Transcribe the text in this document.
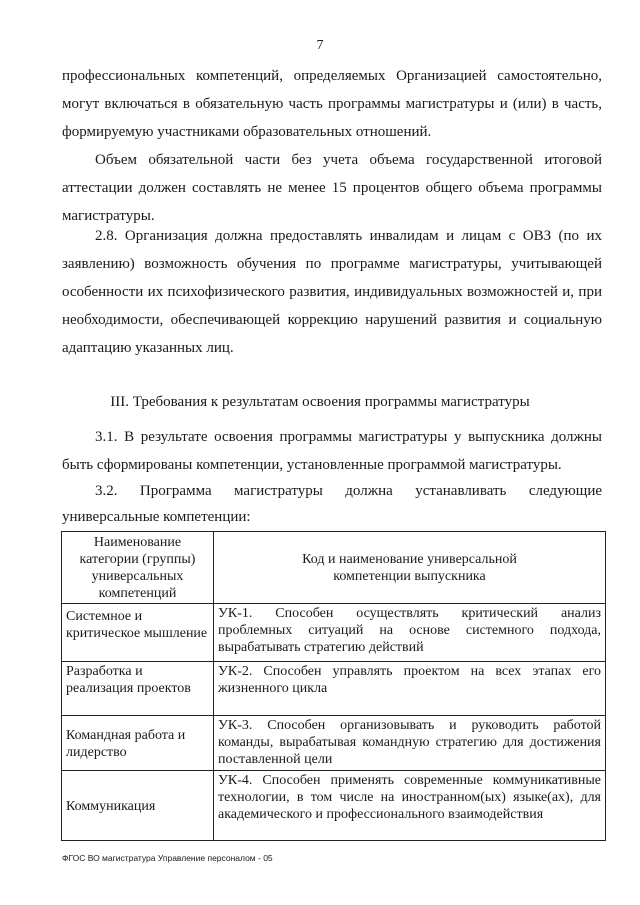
7

профессиональных компетенций, определяемых Организацией самостоятельно, могут включаться в обязательную часть программы магистратуры и (или) в часть, формируемую участниками образовательных отношений.

Объем обязательной части без учета объема государственной итоговой аттестации должен составлять не менее 15 процентов общего объема программы магистратуры.

2.8. Организация должна предоставлять инвалидам и лицам с ОВЗ (по их заявлению) возможность обучения по программе магистратуры, учитывающей особенности их психофизического развития, индивидуальных возможностей и, при необходимости, обеспечивающей коррекцию нарушений развития и социальную адаптацию указанных лиц.

III. Требования к результатам освоения программы магистратуры

3.1. В результате освоения программы магистратуры у выпускника должны быть сформированы компетенции, установленные программой магистратуры.

3.2. Программа магистратуры должна устанавливать следующие

универсальные компетенции:

Наименование категории (группы) универсальных компетенций	Код и наименование универсальной компетенции выпускника
Системное и критическое мышление	УК-1. Способен осуществлять критический анализ проблемных ситуаций на основе системного подхода, вырабатывать стратегию действий
Разработка и реализация проектов	УК-2. Способен управлять проектом на всех этапах его жизненного цикла
Командная работа и лидерство	УК-3. Способен организовывать и руководить работой команды, вырабатывая командную стратегию для достижения поставленной цели
Коммуникация	УК-4. Способен применять современные коммуникативные технологии, в том числе на иностранном(ых) языке(ах), для академического и профессионального взаимодействия
ФГОС ВО магистратура Управление персоналом - 05
